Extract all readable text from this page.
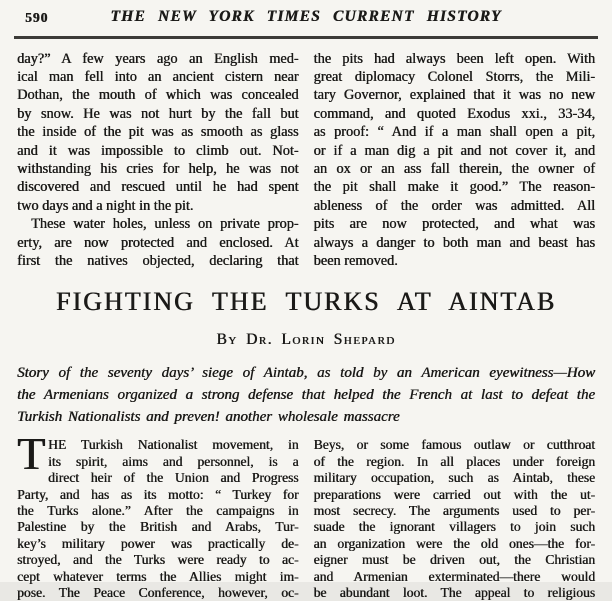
590	THE NEW YORK TIMES CURRENT HISTORY
day?” A few years ago an English med-
ical man fell into an ancient cistern near
Dothan, the mouth of which was concealed
by snow. He was not hurt by the fall but
the inside of the pit was as smooth as glass
and it was impossible to climb out. Not-
withstanding his cries for help, he was not
discovered and rescued until he had spent
two days and a night in the pit.
These water holes, unless on private prop-
erty, are now protected and enclosed. At
first the natives objected, declaring that
the pits had always been left open. With
great diplomacy Colonel Storrs, the Mili-
tary Governor, explained that it was no new
command, and quoted Exodus xxi., 33-34,
as proof: “ And if a man shall open a pit,
or if a man dig a pit and not cover it, and
an ox or an ass fall therein, the owner of
the pit shall make it good.” The reason-
ableness of the order was admitted. All
pits are now protected, and what was
always a danger to both man and beast has
been removed.
FIGHTING THE TURKS AT AINTAB
By Dr. Lorin Shepard
Story of the seventy days’ siege of Aintab, as told by an American eyewitness—How
the Armenians organized a strong defense that helped the French at last to defeat the
Turkish Nationalists and preven! another wholesale massacre
T HE Turkish Nationalist movement, in
its spirit, aims and personnel, is a
direct heir of the Union and Progress
Party, and has as its motto: “ Turkey for
the Turks alone.” After the campaigns in
Palestine by the British and Arabs, Tur-
key’s military power was practically de-
stroyed, and the Turks were ready to ac-
cept whatever terms the Allies might im-
pose. The Peace Conference, however, oc-
Beys, or some famous outlaw or cutthroat
of the region. In all places under foreign
military occupation, such as Aintab, these
preparations were carried out with the ut-
most secrecy. The arguments used to per-
suade the ignorant villagers to join such
an organization were the old ones—the for-
eigner must be driven out, the Christian
and Armenian exterminated—there would
be abundant loot. The appeal to religious
